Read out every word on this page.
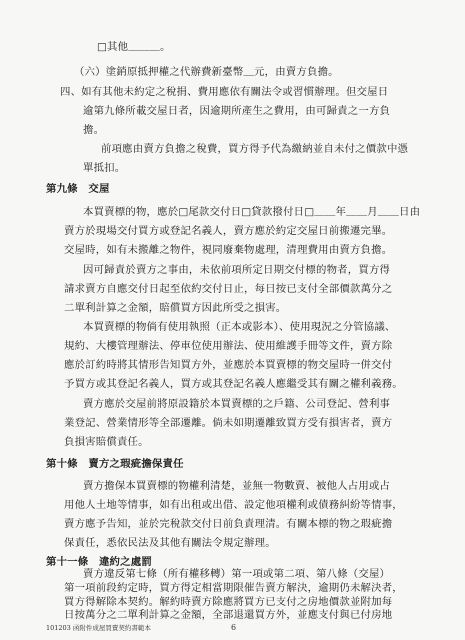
□其他＿＿＿。
（六）塗銷原抵押權之代辦費新臺幣＿元，由賣方負擔。
四、如有其他未約定之稅捐、費用應依有關法令或習慣辦理。但交屋日
逾第九條所載交屋日者，因逾期所產生之費用，由可歸責之一方負
擔。
前項應由賣方負擔之稅費，買方得予代為繳納並自未付之價款中憑
單抵扣。
第九條　交屋
本買賣標的物，應於□尾款交付日□貸款撥付日□＿＿年＿＿月＿＿日由
賣方於現場交付買方或登記名義人，賣方應於約定交屋日前搬遷完畢。
交屋時，如有未搬離之物件，視同廢棄物處理，清理費用由賣方負擔。
因可歸責於賣方之事由，未依前項所定日期交付標的物者，買方得
請求賣方自應交付日起至依約交付日止，每日按已支付全部價款萬分之
二單利計算之金額，賠償買方因此所受之損害。
本買賣標的物倘有使用執照（正本或影本）、使用現況之分管協議、
規約、大樓管理辦法、停車位使用辦法、使用維護手冊等文件，賣方除
應於訂約時將其情形告知買方外，並應於本買賣標的物交屋時一併交付
予買方或其登記名義人，買方或其登記名義人應繼受其有關之權利義務。
賣方應於交屋前將原設籍於本買賣標的之戶籍、公司登記、營利事
業登記、營業情形等全部遷離。倘未如期遷離致買方受有損害者，賣方
負損害賠償責任。
第十條　賣方之瑕疵擔保責任
賣方擔保本買賣標的物權利清楚，並無一物數賣、被他人占用或占
用他人土地等情事，如有出租或出借、設定他項權利或債務糾紛等情事，
賣方應予告知，並於完稅款交付日前負責理清。有關本標的物之瑕疵擔
保責任，悉依民法及其他有關法令規定辦理。
第十一條　違約之處罰
賣方違反第七條（所有權移轉）第一項或第二項、第八條（交屋）
第一項前段約定時，買方得定相當期限催告賣方解決，逾期仍未解決者，
101203 函附件成屋買賣契約書範本	6
買方得解除本契約。解約時賣方除應將買方已支付之房地價款並附加每
日按萬分之二單利計算之金額，全部退還買方外，並應支付與已付房地
